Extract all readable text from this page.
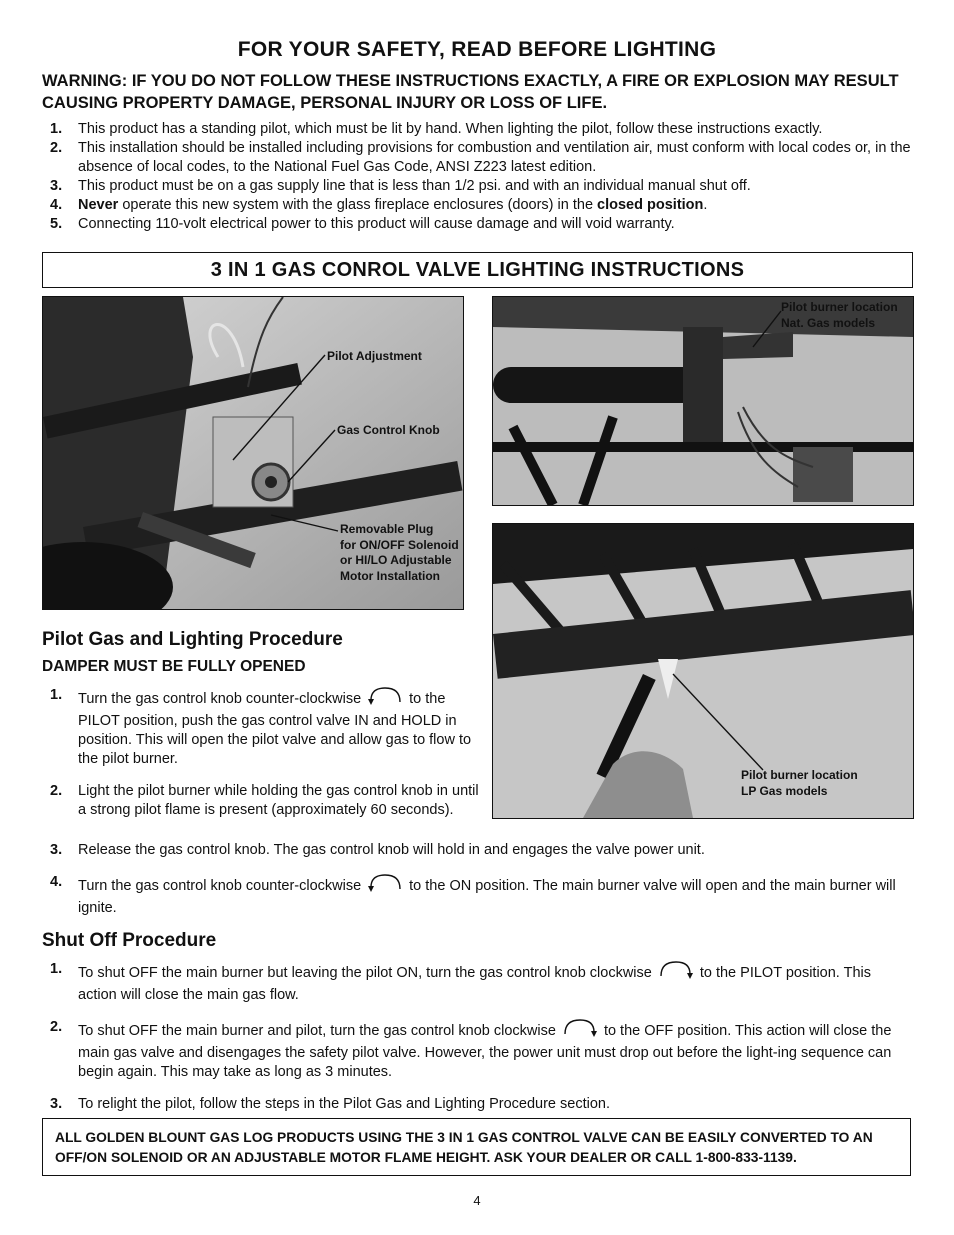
FOR YOUR SAFETY, READ BEFORE LIGHTING
WARNING: IF YOU DO NOT FOLLOW THESE INSTRUCTIONS EXACTLY, A FIRE OR EXPLOSION MAY RESULT CAUSING PROPERTY DAMAGE, PERSONAL INJURY OR LOSS OF LIFE.
1. This product has a standing pilot, which must be lit by hand. When lighting the pilot, follow these instructions exactly.
2. This installation should be installed including provisions for combustion and ventilation air, must conform with local codes or, in the absence of local codes, to the National Fuel Gas Code, ANSI Z223 latest edition.
3. This product must be on a gas supply line that is less than 1/2 psi. and with an individual manual shut off.
4. Never operate this new system with the glass fireplace enclosures (doors) in the closed position.
5. Connecting 110-volt electrical power to this product will cause damage and will void warranty.
3 IN 1 GAS CONROL VALVE LIGHTING INSTRUCTIONS
Pilot Adjustment
Gas Control Knob
Removable Plug
for ON/OFF Solenoid
or HI/LO Adjustable
Motor Installation
Pilot burner location
Nat. Gas models
Pilot burner location
LP Gas models
Pilot Gas and Lighting Procedure
DAMPER MUST BE FULLY OPENED
1. Turn the gas control knob counter-clockwise	to the PILOT position, push the gas control valve IN and HOLD in position. This will open the pilot valve and allow gas to flow to the pilot burner.
2. Light the pilot burner while holding the gas control knob in until a strong pilot flame is present (approximately 60 seconds).
3. Release the gas control knob. The gas control knob will hold in and engages the valve power unit.
4. Turn the gas control knob counter-clockwise	to the ON position. The main burner valve will open and the main burner will ignite.
Shut Off Procedure
1. To shut OFF the main burner but leaving the pilot ON, turn the gas control knob clockwise	to the PILOT position. This action will close the main gas flow.
2. To shut OFF the main burner and pilot, turn the gas control knob clockwise	to the OFF position. This action will close the main gas valve and disengages the safety pilot valve. However, the power unit must drop out before the light-ing sequence can begin again. This may take as long as 3 minutes.
3. To relight the pilot, follow the steps in the Pilot Gas and Lighting Procedure section.
ALL GOLDEN BLOUNT GAS LOG PRODUCTS USING THE 3 IN 1 GAS CONTROL VALVE CAN BE EASILY CONVERTED TO AN OFF/ON SOLENOID OR AN ADJUSTABLE MOTOR FLAME HEIGHT. ASK YOUR DEALER OR CALL 1-800-833-1139.
4
